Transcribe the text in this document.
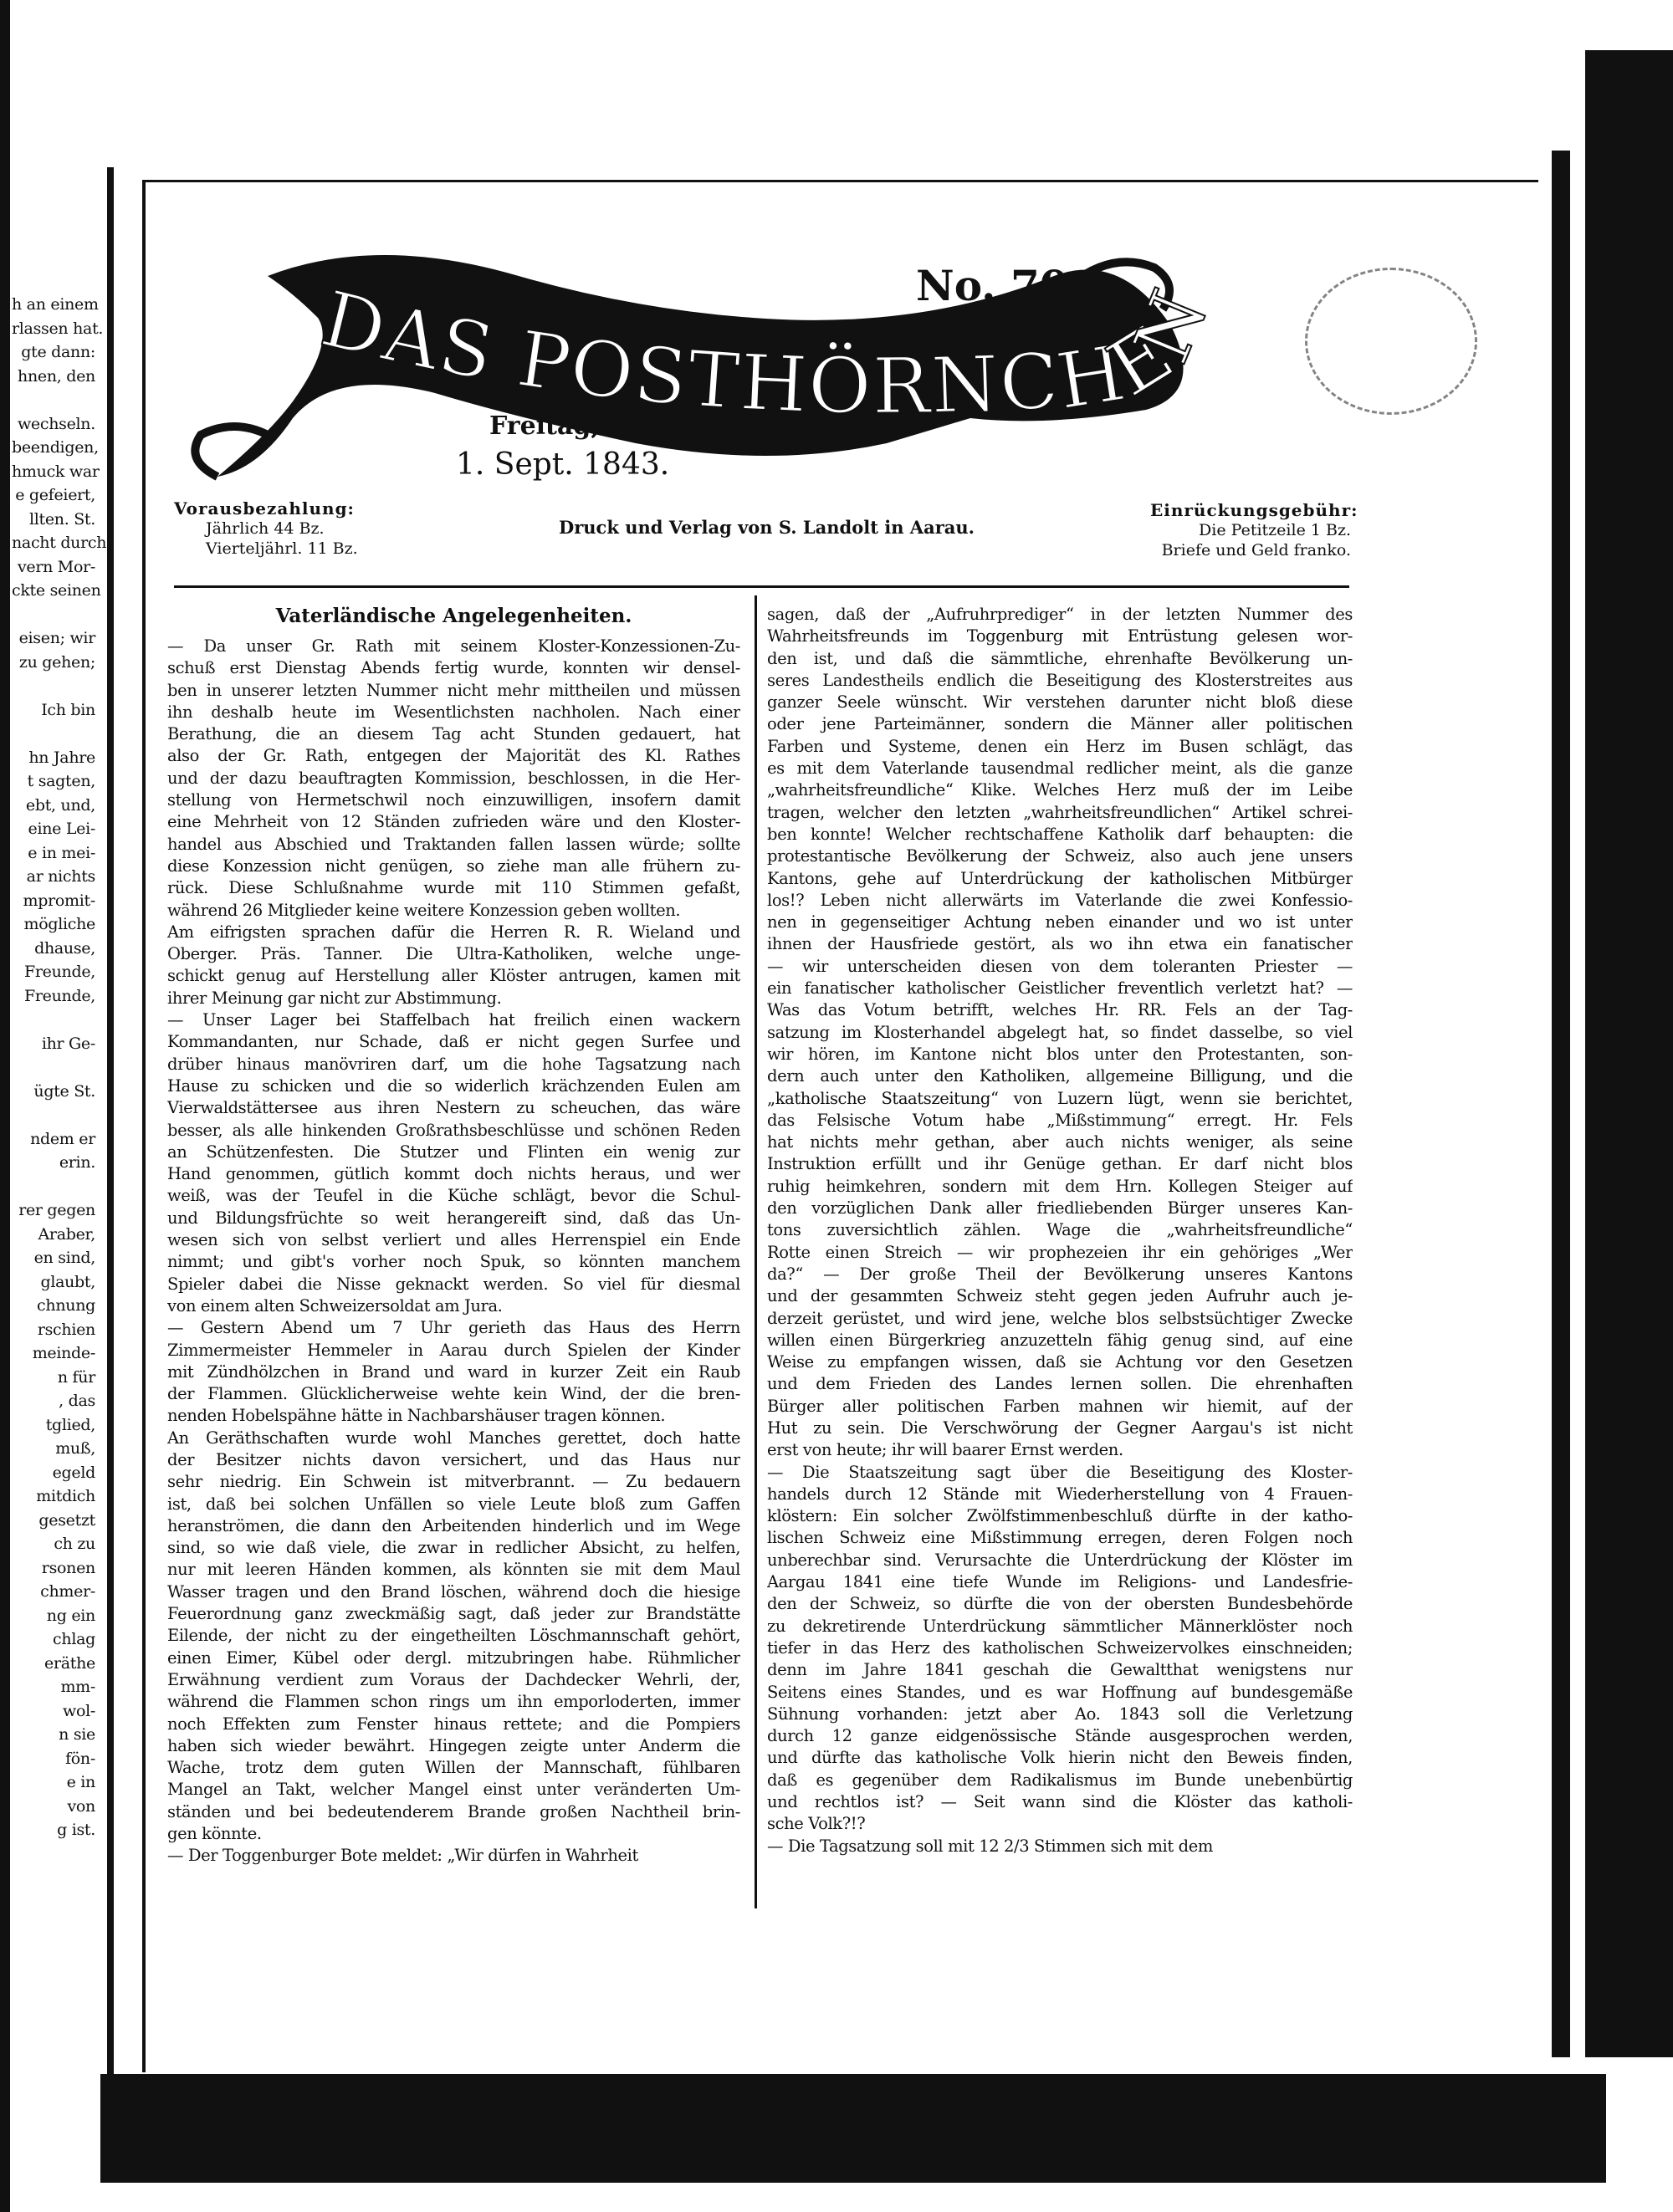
h an einem
rlassen hat.
gte dann:
hnen, den

wechseln.
beendigen,
hmuck war
e gefeiert,
llten. St.
nacht durch
vern Mor-
ckte seinen

eisen; wir
zu gehen;

Ich bin

hn Jahre
t sagten,
ebt, und,
eine Lei-
e in mei-
ar nichts
mpromit-
mögliche
dhause,
Freunde,
Freunde,

ihr Ge-

ügte St.

ndem er
erin.

rer gegen
Araber,
en sind,
glaubt,
chnung
rschien
meinde-
n für
, das
tglied,
muß,
egeld
mitdich
gesetzt
ch zu
rsonen
chmer-
ng ein
chlag
eräthe
mm-
wol-
n sie
fön-
e in
von
g ist.
DAS POSTHÖRNCHEN
No. 70.
Freitag,
1. Sept. 1843.
Vorausbezahlung:
Jährlich 44 Bz.
Vierteljährl. 11 Bz.
Druck und Verlag von S. Landolt in Aarau.
Einrückungsgebühr:
Die Petitzeile 1 Bz.
Briefe und Geld franko.
Vaterländische Angelegenheiten.
— Da unser Gr. Rath mit seinem Kloster-Konzessionen-Zu-
schuß erst Dienstag Abends fertig wurde, konnten wir densel-
ben in unserer letzten Nummer nicht mehr mittheilen und müssen
ihn deshalb heute im Wesentlichsten nachholen. Nach einer
Berathung, die an diesem Tag acht Stunden gedauert, hat
also der Gr. Rath, entgegen der Majorität des Kl. Rathes
und der dazu beauftragten Kommission, beschlossen, in die Her-
stellung von Hermetschwil noch einzuwilligen, insofern damit
eine Mehrheit von 12 Ständen zufrieden wäre und den Kloster-
handel aus Abschied und Traktanden fallen lassen würde; sollte
diese Konzession nicht genügen, so ziehe man alle frühern zu-
rück. Diese Schlußnahme wurde mit 110 Stimmen gefaßt,
während 26 Mitglieder keine weitere Konzession geben wollten.
Am eifrigsten sprachen dafür die Herren R. R. Wieland und
Oberger. Präs. Tanner. Die Ultra-Katholiken, welche unge-
schickt genug auf Herstellung aller Klöster antrugen, kamen mit
ihrer Meinung gar nicht zur Abstimmung.
— Unser Lager bei Staffelbach hat freilich einen wackern
Kommandanten, nur Schade, daß er nicht gegen Surfee und
drüber hinaus manövriren darf, um die hohe Tagsatzung nach
Hause zu schicken und die so widerlich krächzenden Eulen am
Vierwaldstättersee aus ihren Nestern zu scheuchen, das wäre
besser, als alle hinkenden Großrathsbeschlüsse und schönen Reden
an Schützenfesten. Die Stutzer und Flinten ein wenig zur
Hand genommen, gütlich kommt doch nichts heraus, und wer
weiß, was der Teufel in die Küche schlägt, bevor die Schul-
und Bildungsfrüchte so weit herangereift sind, daß das Un-
wesen sich von selbst verliert und alles Herrenspiel ein Ende
nimmt; und gibt's vorher noch Spuk, so könnten manchem
Spieler dabei die Nisse geknackt werden. So viel für diesmal
von einem alten Schweizersoldat am Jura.
— Gestern Abend um 7 Uhr gerieth das Haus des Herrn
Zimmermeister Hemmeler in Aarau durch Spielen der Kinder
mit Zündhölzchen in Brand und ward in kurzer Zeit ein Raub
der Flammen. Glücklicherweise wehte kein Wind, der die bren-
nenden Hobelspähne hätte in Nachbarshäuser tragen können.
An Geräthschaften wurde wohl Manches gerettet, doch hatte
der Besitzer nichts davon versichert, und das Haus nur
sehr niedrig. Ein Schwein ist mitverbrannt. — Zu bedauern
ist, daß bei solchen Unfällen so viele Leute bloß zum Gaffen
heranströmen, die dann den Arbeitenden hinderlich und im Wege
sind, so wie daß viele, die zwar in redlicher Absicht, zu helfen,
nur mit leeren Händen kommen, als könnten sie mit dem Maul
Wasser tragen und den Brand löschen, während doch die hiesige
Feuerordnung ganz zweckmäßig sagt, daß jeder zur Brandstätte
Eilende, der nicht zu der eingetheilten Löschmannschaft gehört,
einen Eimer, Kübel oder dergl. mitzubringen habe. Rühmlicher
Erwähnung verdient zum Voraus der Dachdecker Wehrli, der,
während die Flammen schon rings um ihn emporloderten, immer
noch Effekten zum Fenster hinaus rettete; and die Pompiers
haben sich wieder bewährt. Hingegen zeigte unter Anderm die
Wache, trotz dem guten Willen der Mannschaft, fühlbaren
Mangel an Takt, welcher Mangel einst unter veränderten Um-
ständen und bei bedeutenderem Brande großen Nachtheil brin-
gen könnte.
— Der Toggenburger Bote meldet: „Wir dürfen in Wahrheit
sagen, daß der „Aufruhrprediger“ in der letzten Nummer des
Wahrheitsfreunds im Toggenburg mit Entrüstung gelesen wor-
den ist, und daß die sämmtliche, ehrenhafte Bevölkerung un-
seres Landestheils endlich die Beseitigung des Klosterstreites aus
ganzer Seele wünscht. Wir verstehen darunter nicht bloß diese
oder jene Parteimänner, sondern die Männer aller politischen
Farben und Systeme, denen ein Herz im Busen schlägt, das
es mit dem Vaterlande tausendmal redlicher meint, als die ganze
„wahrheitsfreundliche“ Klike. Welches Herz muß der im Leibe
tragen, welcher den letzten „wahrheitsfreundlichen“ Artikel schrei-
ben konnte! Welcher rechtschaffene Katholik darf behaupten: die
protestantische Bevölkerung der Schweiz, also auch jene unsers
Kantons, gehe auf Unterdrückung der katholischen Mitbürger
los!? Leben nicht allerwärts im Vaterlande die zwei Konfessio-
nen in gegenseitiger Achtung neben einander und wo ist unter
ihnen der Hausfriede gestört, als wo ihn etwa ein fanatischer
— wir unterscheiden diesen von dem toleranten Priester —
ein fanatischer katholischer Geistlicher freventlich verletzt hat? —
Was das Votum betrifft, welches Hr. RR. Fels an der Tag-
satzung im Klosterhandel abgelegt hat, so findet dasselbe, so viel
wir hören, im Kantone nicht blos unter den Protestanten, son-
dern auch unter den Katholiken, allgemeine Billigung, und die
„katholische Staatszeitung“ von Luzern lügt, wenn sie berichtet,
das Felsische Votum habe „Mißstimmung“ erregt. Hr. Fels
hat nichts mehr gethan, aber auch nichts weniger, als seine
Instruktion erfüllt und ihr Genüge gethan. Er darf nicht blos
ruhig heimkehren, sondern mit dem Hrn. Kollegen Steiger auf
den vorzüglichen Dank aller friedliebenden Bürger unseres Kan-
tons zuversichtlich zählen. Wage die „wahrheitsfreundliche“
Rotte einen Streich — wir prophezeien ihr ein gehöriges „Wer
da?“ — Der große Theil der Bevölkerung unseres Kantons
und der gesammten Schweiz steht gegen jeden Aufruhr auch je-
derzeit gerüstet, und wird jene, welche blos selbstsüchtiger Zwecke
willen einen Bürgerkrieg anzuzetteln fähig genug sind, auf eine
Weise zu empfangen wissen, daß sie Achtung vor den Gesetzen
und dem Frieden des Landes lernen sollen. Die ehrenhaften
Bürger aller politischen Farben mahnen wir hiemit, auf der
Hut zu sein. Die Verschwörung der Gegner Aargau's ist nicht
erst von heute; ihr will baarer Ernst werden.
— Die Staatszeitung sagt über die Beseitigung des Kloster-
handels durch 12 Stände mit Wiederherstellung von 4 Frauen-
klöstern: Ein solcher Zwölfstimmenbeschluß dürfte in der katho-
lischen Schweiz eine Mißstimmung erregen, deren Folgen noch
unberechbar sind. Verursachte die Unterdrückung der Klöster im
Aargau 1841 eine tiefe Wunde im Religions- und Landesfrie-
den der Schweiz, so dürfte die von der obersten Bundesbehörde
zu dekretirende Unterdrückung sämmtlicher Männerklöster noch
tiefer in das Herz des katholischen Schweizervolkes einschneiden;
denn im Jahre 1841 geschah die Gewaltthat wenigstens nur
Seitens eines Standes, und es war Hoffnung auf bundesgemäße
Sühnung vorhanden: jetzt aber Ao. 1843 soll die Verletzung
durch 12 ganze eidgenössische Stände ausgesprochen werden,
und dürfte das katholische Volk hierin nicht den Beweis finden,
daß es gegenüber dem Radikalismus im Bunde unebenbürtig
und rechtlos ist? — Seit wann sind die Klöster das katholi-
sche Volk?!?
— Die Tagsatzung soll mit 12 2/3 Stimmen sich mit dem
